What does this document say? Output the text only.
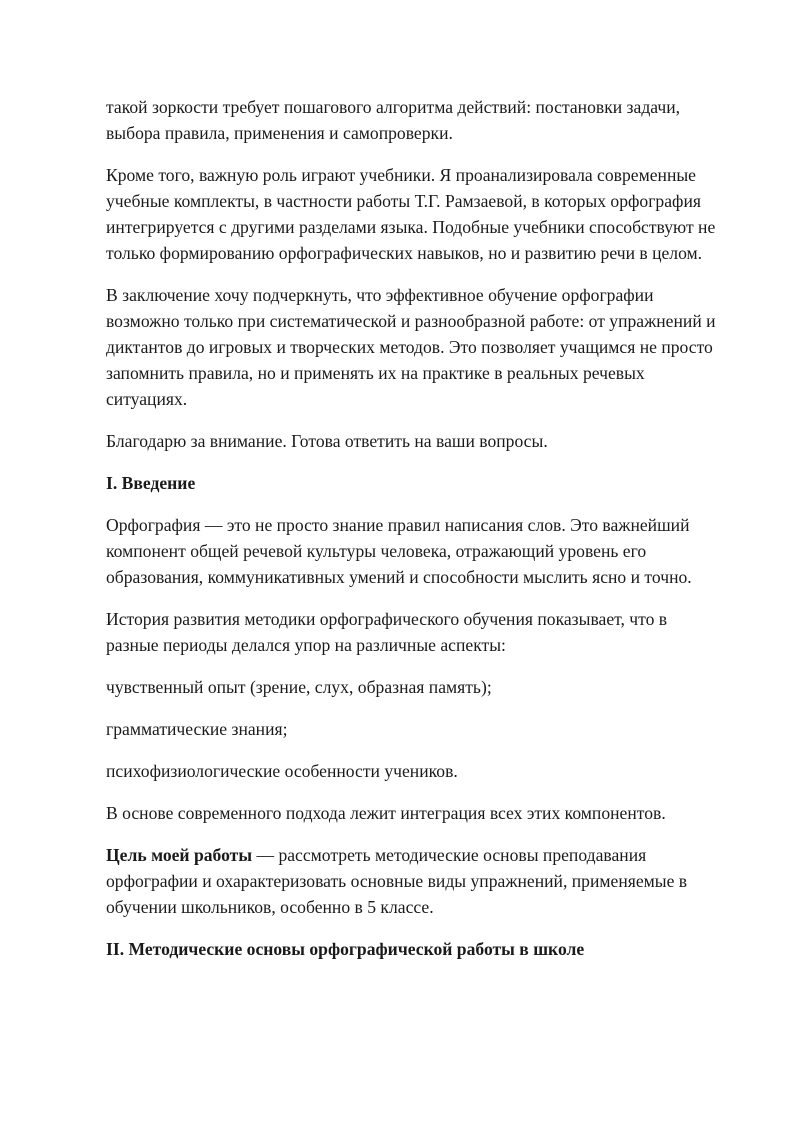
такой зоркости требует пошагового алгоритма действий: постановки задачи, выбора правила, применения и самопроверки.

Кроме того, важную роль играют учебники. Я проанализировала современные учебные комплекты, в частности работы Т.Г. Рамзаевой, в которых орфография интегрируется с другими разделами языка. Подобные учебники способствуют не только формированию орфографических навыков, но и развитию речи в целом.

В заключение хочу подчеркнуть, что эффективное обучение орфографии возможно только при систематической и разнообразной работе: от упражнений и диктантов до игровых и творческих методов. Это позволяет учащимся не просто запомнить правила, но и применять их на практике в реальных речевых ситуациях.

Благодарю за внимание. Готова ответить на ваши вопросы.

I. Введение

Орфография — это не просто знание правил написания слов. Это важнейший компонент общей речевой культуры человека, отражающий уровень его образования, коммуникативных умений и способности мыслить ясно и точно.

История развития методики орфографического обучения показывает, что в разные периоды делался упор на различные аспекты:

чувственный опыт (зрение, слух, образная память);

грамматические знания;

психофизиологические особенности учеников.

В основе современного подхода лежит интеграция всех этих компонентов.

Цель моей работы — рассмотреть методические основы преподавания орфографии и охарактеризовать основные виды упражнений, применяемые в обучении школьников, особенно в 5 классе.

II. Методические основы орфографической работы в школе
